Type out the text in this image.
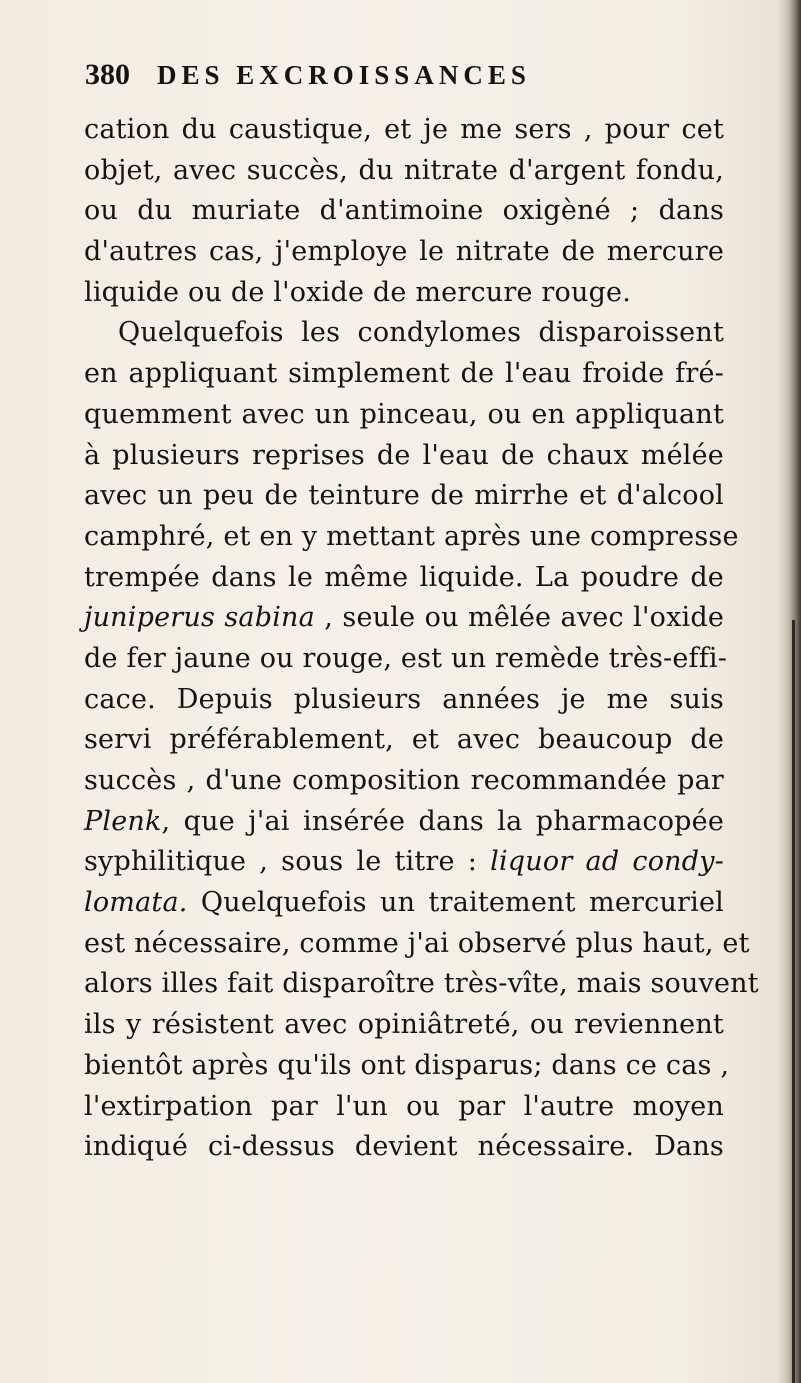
380 DES EXCROISSANCES
cation du caustique, et je me sers , pour cet
objet, avec succès, du nitrate d'argent fondu,
ou du muriate d'antimoine oxigèné ; dans
d'autres cas, j'employe le nitrate de mercure
liquide ou de l'oxide de mercure rouge.
Quelquefois les condylomes disparoissent
en appliquant simplement de l'eau froide fré-
quemment avec un pinceau, ou en appliquant
à plusieurs reprises de l'eau de chaux mélée
avec un peu de teinture de mirrhe et d'alcool
camphré, et en y mettant après une compresse
trempée dans le même liquide. La poudre de
juniperus sabina , seule ou mêlée avec l'oxide
de fer jaune ou rouge, est un remède très-effi-
cace. Depuis plusieurs années je me suis
servi préférablement, et avec beaucoup de
succès , d'une composition recommandée par
Plenk, que j'ai insérée dans la pharmacopée
syphilitique , sous le titre : liquor ad condy-
lomata. Quelquefois un traitement mercuriel
est nécessaire, comme j'ai observé plus haut, et
alors illes fait disparoître très-vîte, mais souvent
ils y résistent avec opiniâtreté, ou reviennent
bientôt après qu'ils ont disparus; dans ce cas ,
l'extirpation par l'un ou par l'autre moyen
indiqué ci-dessus devient nécessaire. Dans
